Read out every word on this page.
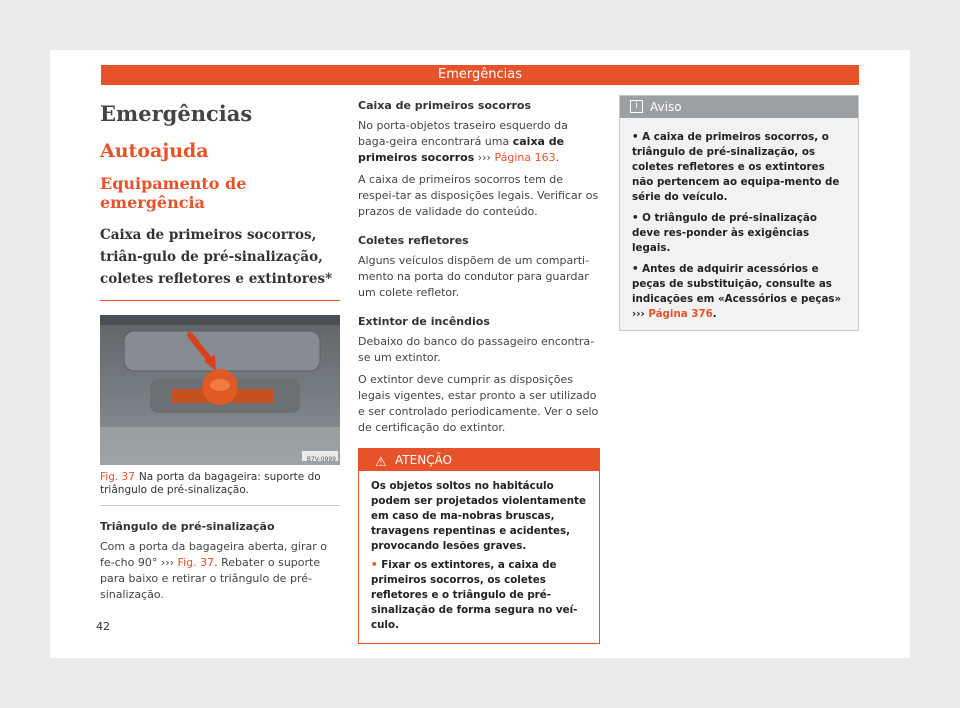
Emergências
Emergências
Autoajuda
Equipamento de emergência
Caixa de primeiros socorros, triân-gulo de pré-sinalização, coletes refletores e extintores*
B7V-0999
Fig. 37 Na porta da bagageira: suporte do triângulo de pré-sinalização.
Triângulo de pré-sinalização
Com a porta da bagageira aberta, girar o fe-cho 90° ››› Fig. 37. Rebater o suporte para baixo e retirar o triângulo de pré-sinalização.
Caixa de primeiros socorros
No porta-objetos traseiro esquerdo da baga-geira encontrará uma caixa de primeiros socorros ››› Página 163.
A caixa de primeiros socorros tem de respei-tar as disposições legais. Verificar os prazos de validade do conteúdo.
Coletes refletores
Alguns veículos dispõem de um comparti-mento na porta do condutor para guardar um colete refletor.
Extintor de incêndios
Debaixo do banco do passageiro encontra-se um extintor.
O extintor deve cumprir as disposições legais vigentes, estar pronto a ser utilizado e ser controlado periodicamente. Ver o selo de certificação do extintor.
⚠ ATENÇÃO
Os objetos soltos no habitáculo podem ser projetados violentamente em caso de ma-nobras bruscas, travagens repentinas e acidentes, provocando lesões graves.
• Fixar os extintores, a caixa de primeiros socorros, os coletes refletores e o triângulo de pré-sinalização de forma segura no veí-culo.
i	Aviso
• A caixa de primeiros socorros, o triângulo de pré-sinalização, os coletes refletores e os extintores não pertencem ao equipa-mento de série do veículo.
• O triângulo de pré-sinalização deve res-ponder às exigências legais.
• Antes de adquirir acessórios e peças de substituição, consulte as indicações em «Acessórios e peças» ››› Página 376.
42
